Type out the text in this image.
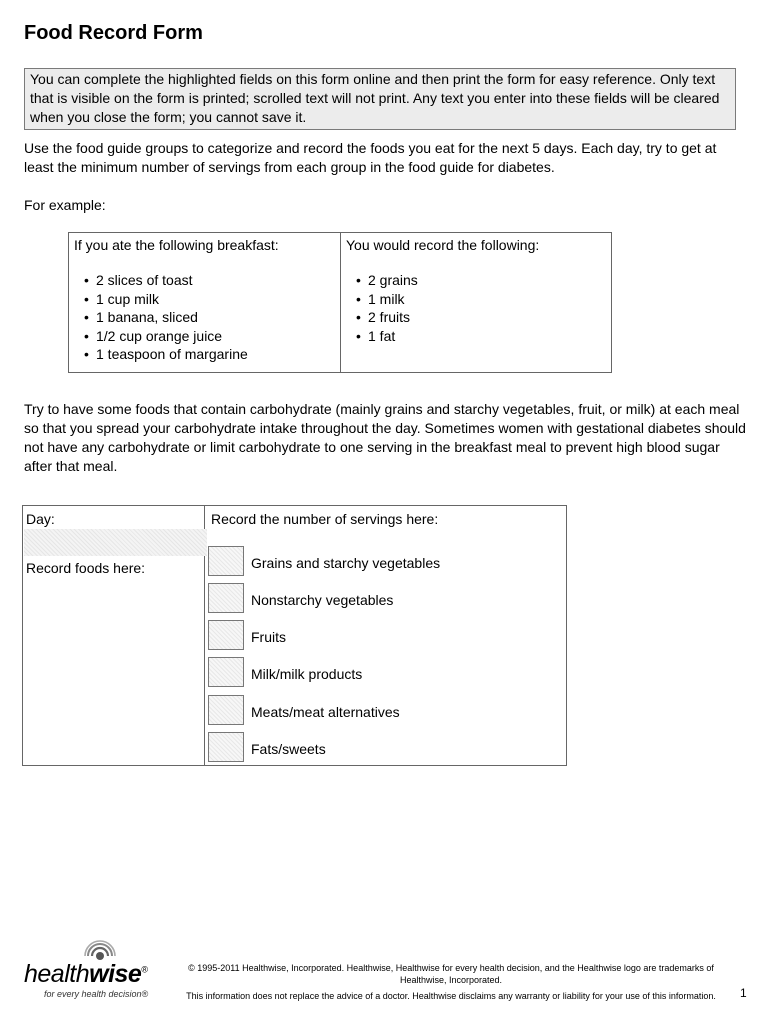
Food Record Form
You can complete the highlighted fields on this form online and then print the form for easy reference. Only text that is visible on the form is printed; scrolled text will not print. Any text you enter into these fields will be cleared when you close the form; you cannot save it.

Use the food guide groups to categorize and record the foods you eat for the next 5 days. Each day, try to get at least the minimum number of servings from each group in the food guide for diabetes.

For example:

If you ate the following breakfast:
• 2 slices of toast
• 1 cup milk
• 1 banana, sliced
• 1/2 cup orange juice
• 1 teaspoon of margarine
You would record the following:
• 2 grains
• 1 milk
• 2 fruits
• 1 fat

Try to have some foods that contain carbohydrate (mainly grains and starchy vegetables, fruit, or milk) at each meal so that you spread your carbohydrate intake throughout the day. Sometimes women with gestational diabetes should not have any carbohydrate or limit carbohydrate to one serving in the breakfast meal to prevent high blood sugar after that meal.

Day:
Record foods here:
Record the number of servings here:
Grains and starchy vegetables
Nonstarchy vegetables
Fruits
Milk/milk products
Meats/meat alternatives
Fats/sweets
healthwise®
for every health decision®
© 1995-2011 Healthwise, Incorporated. Healthwise, Healthwise for every health decision, and the Healthwise logo are trademarks of Healthwise, Incorporated.
This information does not replace the advice of a doctor. Healthwise disclaims any warranty or liability for your use of this information.	1
